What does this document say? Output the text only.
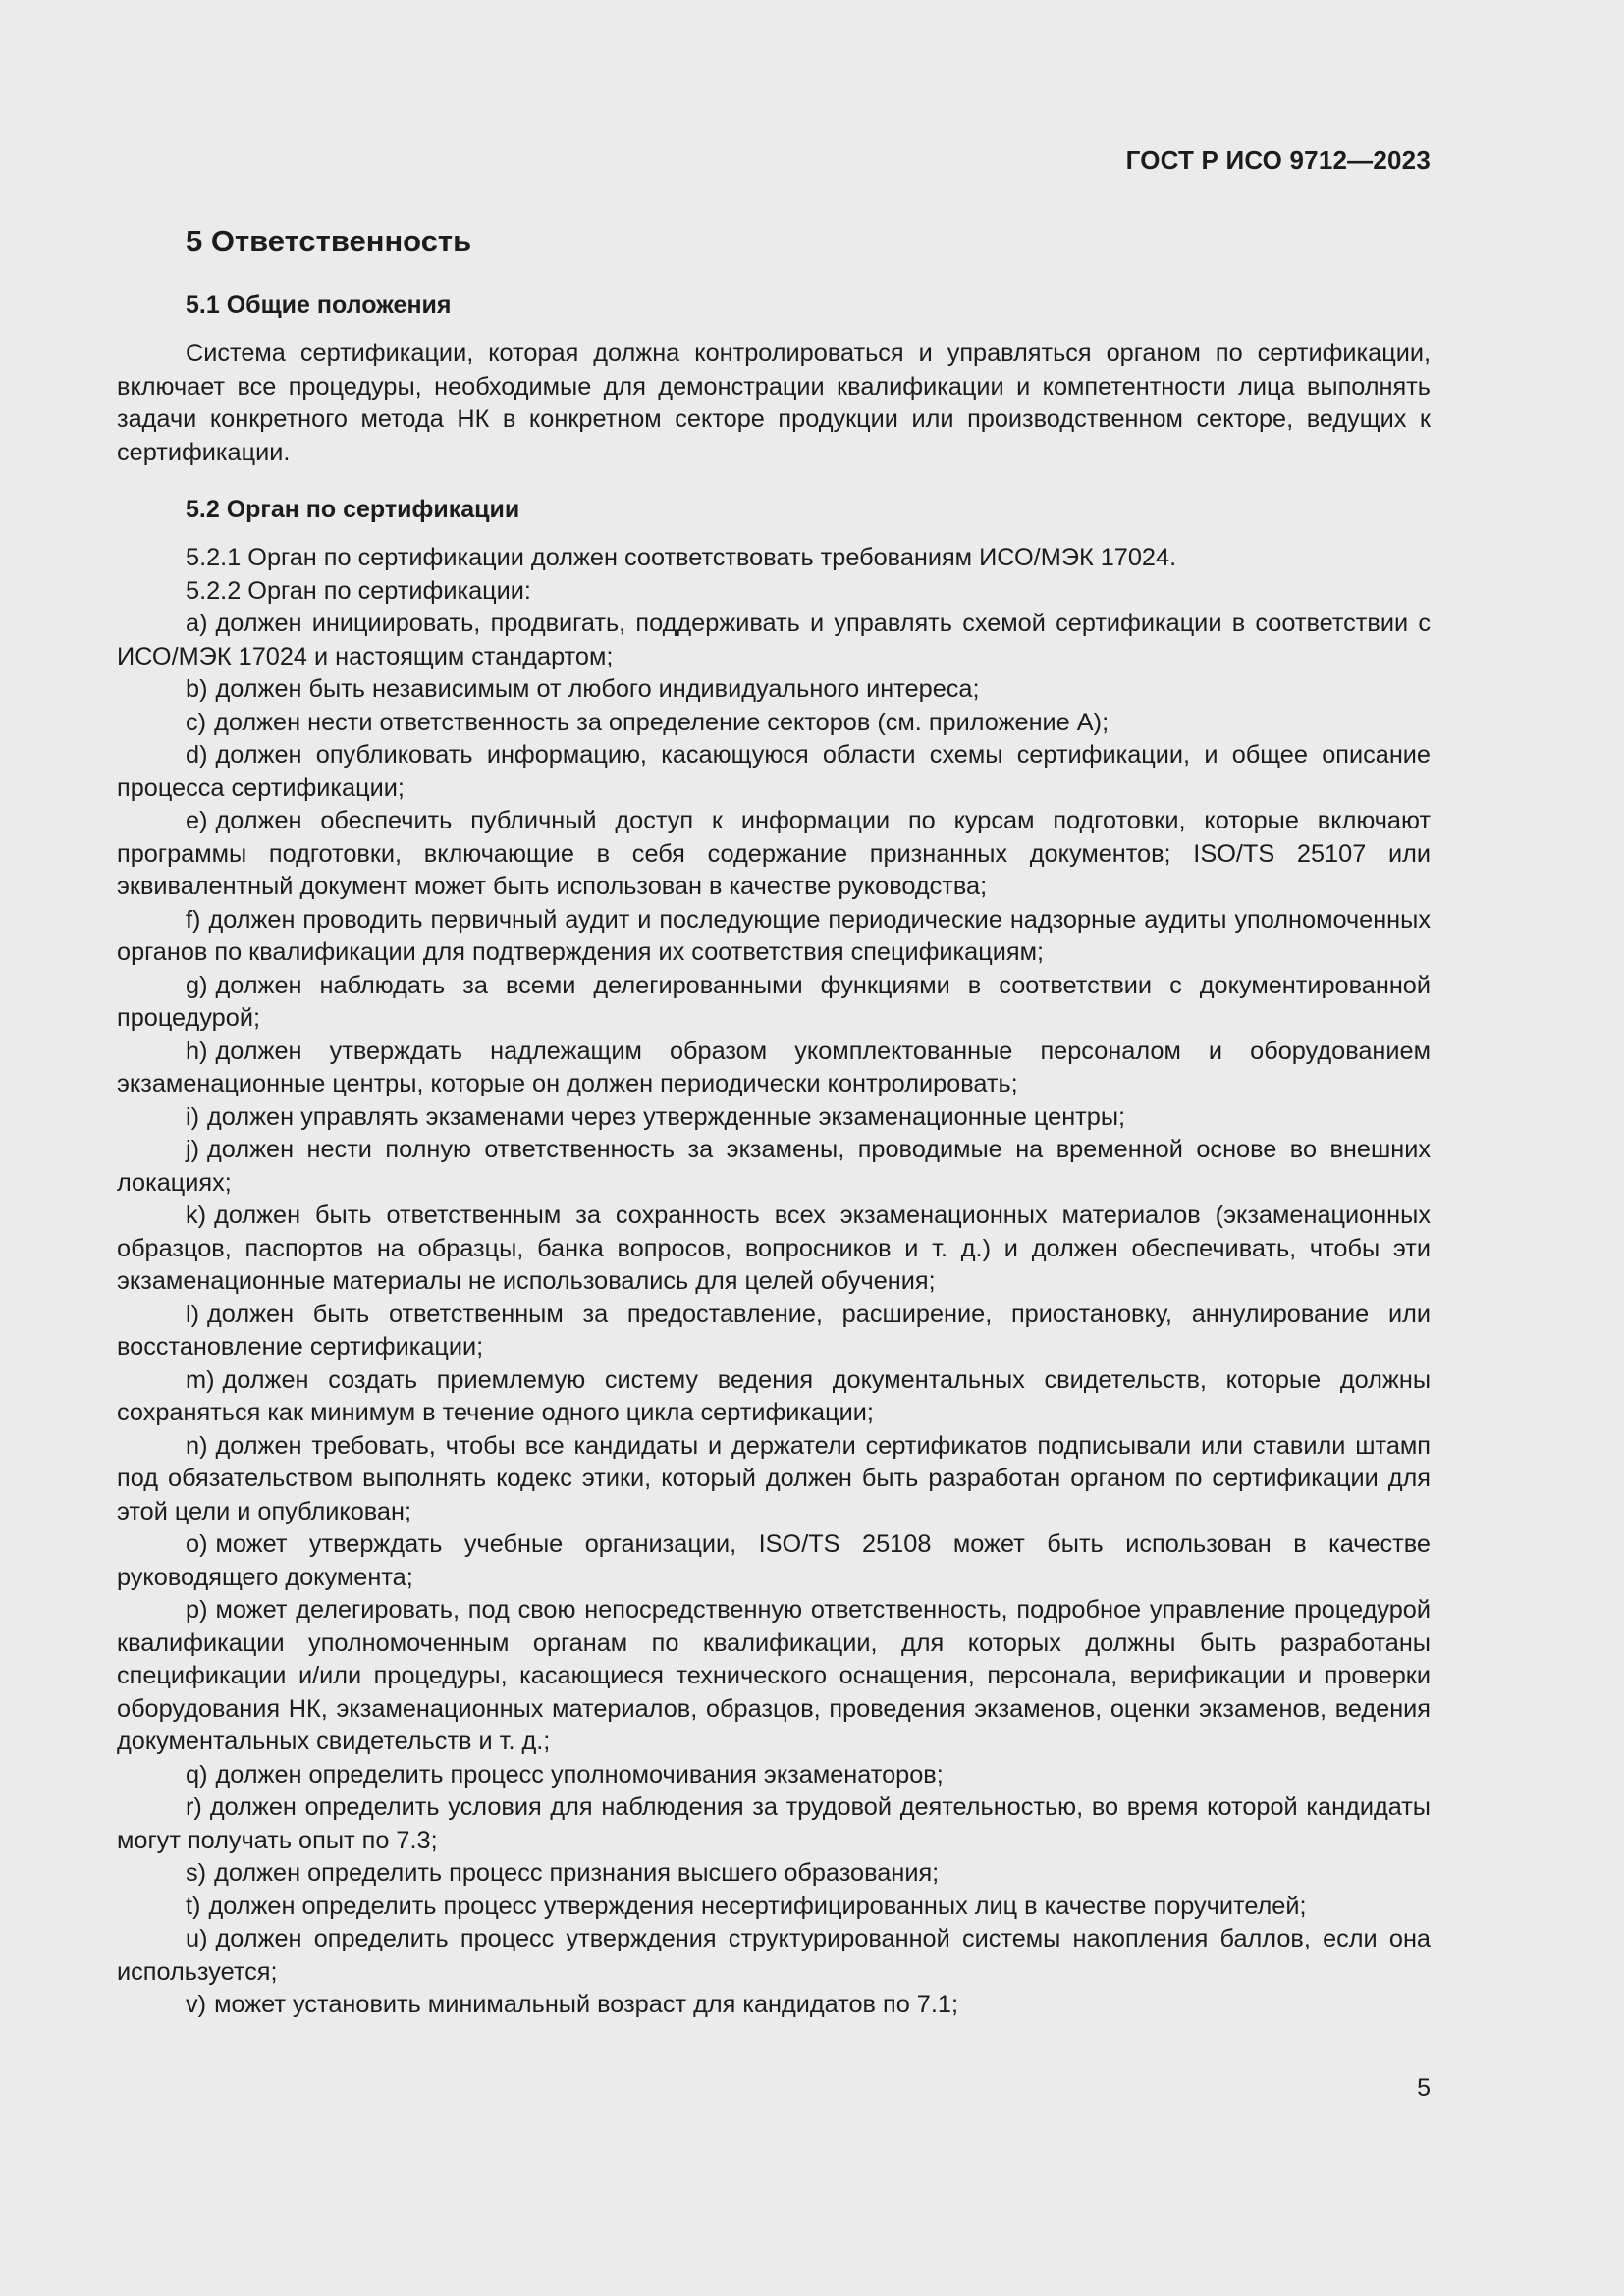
ГОСТ Р ИСО 9712—2023
5 Ответственность
5.1 Общие положения

Система сертификации, которая должна контролироваться и управляться органом по сертификации, включает все процедуры, необходимые для демонстрации квалификации и компетентности лица выполнять задачи конкретного метода НК в конкретном секторе продукции или производственном секторе, ведущих к сертификации.

5.2 Орган по сертификации

5.2.1 Орган по сертификации должен соответствовать требованиям ИСО/МЭК 17024.

5.2.2 Орган по сертификации:

a) должен инициировать, продвигать, поддерживать и управлять схемой сертификации в соответствии с ИСО/МЭК 17024 и настоящим стандартом;

b) должен быть независимым от любого индивидуального интереса;

c) должен нести ответственность за определение секторов (см. приложение А);

d) должен опубликовать информацию, касающуюся области схемы сертификации, и общее описание процесса сертификации;

e) должен обеспечить публичный доступ к информации по курсам подготовки, которые включают программы подготовки, включающие в себя содержание признанных документов; ISO/TS 25107 или эквивалентный документ может быть использован в качестве руководства;

f) должен проводить первичный аудит и последующие периодические надзорные аудиты уполномоченных органов по квалификации для подтверждения их соответствия спецификациям;

g) должен наблюдать за всеми делегированными функциями в соответствии с документированной процедурой;

h) должен утверждать надлежащим образом укомплектованные персоналом и оборудованием экзаменационные центры, которые он должен периодически контролировать;

i) должен управлять экзаменами через утвержденные экзаменационные центры;

j) должен нести полную ответственность за экзамены, проводимые на временной основе во внешних локациях;

k) должен быть ответственным за сохранность всех экзаменационных материалов (экзаменационных образцов, паспортов на образцы, банка вопросов, вопросников и т. д.) и должен обеспечивать, чтобы эти экзаменационные материалы не использовались для целей обучения;

l) должен быть ответственным за предоставление, расширение, приостановку, аннулирование или восстановление сертификации;

m) должен создать приемлемую систему ведения документальных свидетельств, которые должны сохраняться как минимум в течение одного цикла сертификации;

n) должен требовать, чтобы все кандидаты и держатели сертификатов подписывали или ставили штамп под обязательством выполнять кодекс этики, который должен быть разработан органом по сертификации для этой цели и опубликован;

o) может утверждать учебные организации, ISO/TS 25108 может быть использован в качестве руководящего документа;

p) может делегировать, под свою непосредственную ответственность, подробное управление процедурой квалификации уполномоченным органам по квалификации, для которых должны быть разработаны спецификации и/или процедуры, касающиеся технического оснащения, персонала, верификации и проверки оборудования НК, экзаменационных материалов, образцов, проведения экзаменов, оценки экзаменов, ведения документальных свидетельств и т. д.;

q) должен определить процесс уполномочивания экзаменаторов;

r) должен определить условия для наблюдения за трудовой деятельностью, во время которой кандидаты могут получать опыт по 7.3;

s) должен определить процесс признания высшего образования;

t) должен определить процесс утверждения несертифицированных лиц в качестве поручителей;

u) должен определить процесс утверждения структурированной системы накопления баллов, если она используется;

v) может установить минимальный возраст для кандидатов по 7.1;

5
